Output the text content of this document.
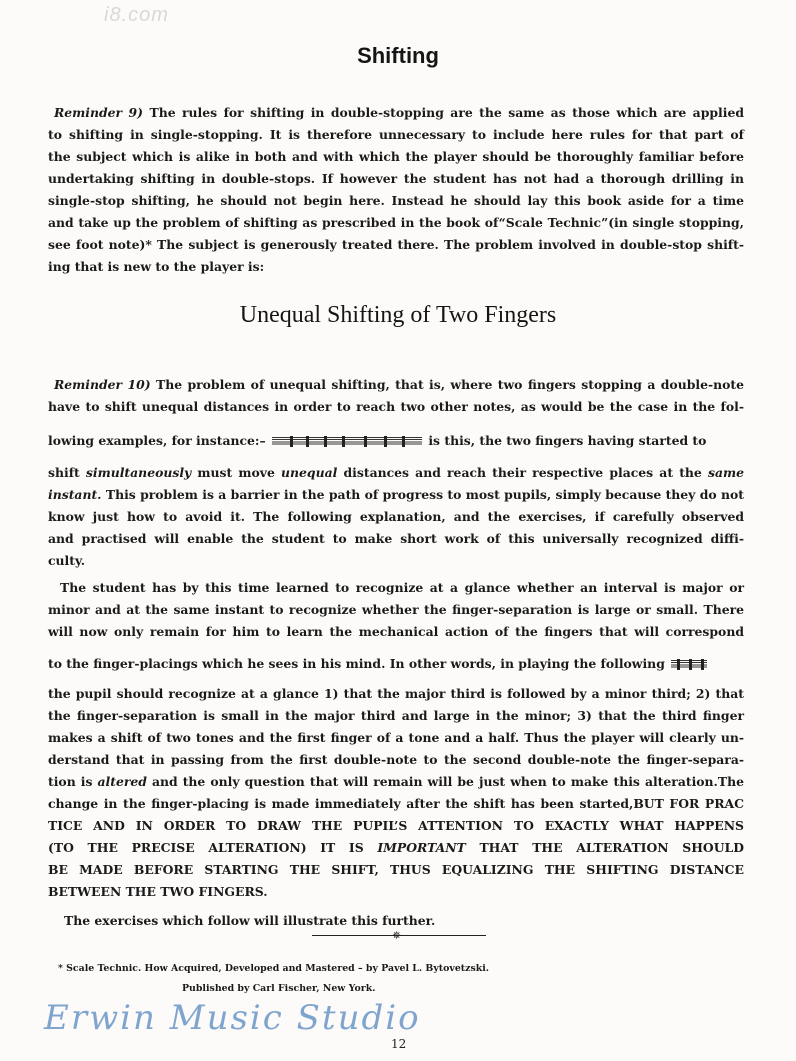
i8.com
Shifting
Reminder 9) The rules for shifting in double-stopping are the same as those which are applied
to shifting in single-stopping. It is therefore unnecessary to include here rules for that part of
the subject which is alike in both and with which the player should be thoroughly familiar before
undertaking shifting in double-stops. If however the student has not had a thorough drilling in
single-stop shifting, he should not begin here. Instead he should lay this book aside for a time
and take up the problem of shifting as prescribed in the book of“Scale Technic”(in single stopping,
see foot note)* The subject is generously treated there. The problem involved in double-stop shift-
ing that is new to the player is:
Unequal Shifting of Two Fingers
Reminder 10) The problem of unequal shifting, that is, where two fingers stopping a double-note
have to shift unequal distances in order to reach two other notes, as would be the case in the fol-
lowing examples, for instance:–	is this, the two fingers having started to
shift simultaneously must move unequal distances and reach their respective places at the same
instant. This problem is a barrier in the path of progress to most pupils, simply because they do not
know just how to avoid it. The following explanation, and the exercises, if carefully observed
and practised will enable the student to make short work of this universally recognized diffi-
culty.
The student has by this time learned to recognize at a glance whether an interval is major or
minor and at the same instant to recognize whether the finger-separation is large or small. There
will now only remain for him to learn the mechanical action of the fingers that will correspond
to the finger-placings which he sees in his mind. In other words, in playing the following
the pupil should recognize at a glance 1) that the major third is followed by a minor third; 2) that
the finger-separation is small in the major third and large in the minor; 3) that the third finger
makes a shift of two tones and the first finger of a tone and a half. Thus the player will clearly un-
derstand that in passing from the first double-note to the second double-note the finger-separa-
tion is altered and the only question that will remain will be just when to make this alteration.The
change in the finger-placing is made immediately after the shift has been started,BUT FOR PRAC
TICE AND IN ORDER TO DRAW THE PUPIL’S ATTENTION TO EXACTLY WHAT HAPPENS
(TO THE PRECISE ALTERATION) IT IS IMPORTANT THAT THE ALTERATION SHOULD
BE MADE BEFORE STARTING THE SHIFT, THUS EQUALIZING THE SHIFTING DISTANCE
BETWEEN THE TWO FINGERS.
The exercises which follow will illustrate this further.
✵
* Scale Technic. How Acquired, Developed and Mastered – by Pavel L. Bytovetzski.
Published by Carl Fischer, New York.
Erwin Music Studio
12
